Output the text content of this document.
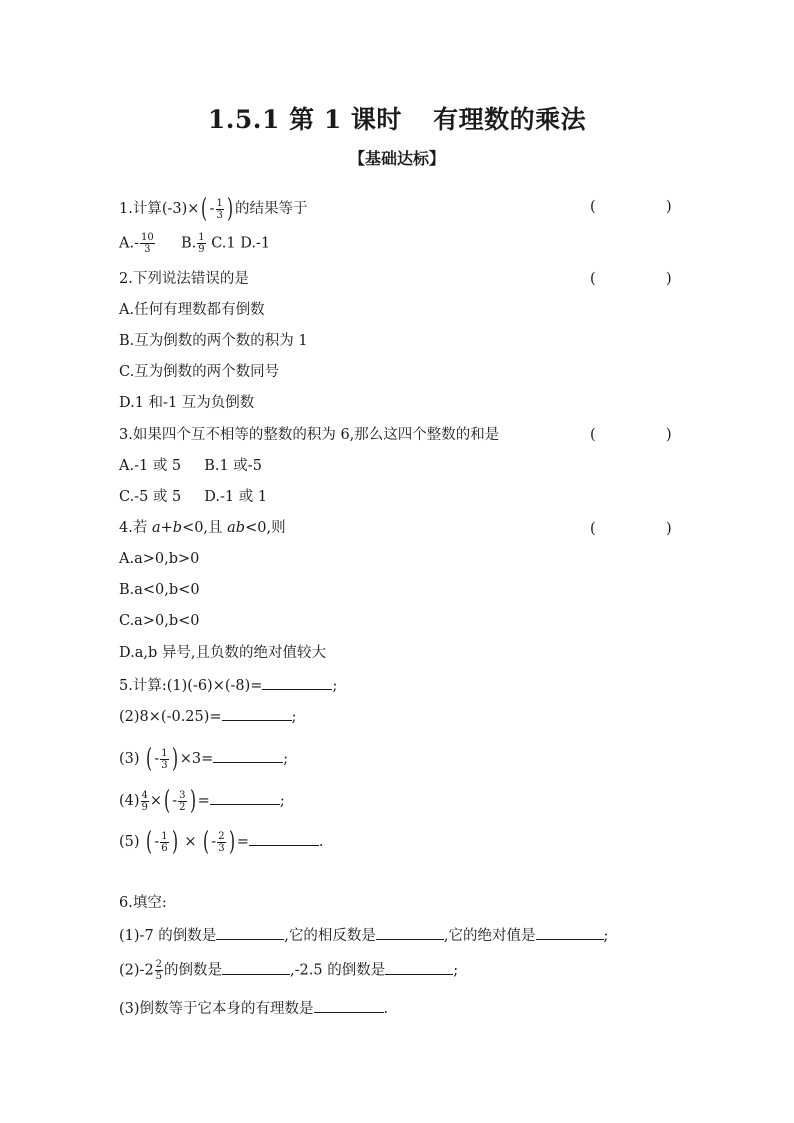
1.5.1 第 1 课时 有理数的乘法
【基础达标】
1.计算(-3)× ( - $\frac{1}{3}$ ) 的结果等于	(	)
$A.- \frac{10}{3} B$. $\frac{1}{9} C.1$ D.-1
2.下列说法错误的是	(	)
A.任何有理数都有倒数
B.互为倒数的两个数的积为 1
C.互为倒数的两个数同号
D.1 和-1 互为负倒数
3.如果四个互不相等的整数的积为 6,那么这四个整数的和是	(	)
A.-1 或 5     B.1 或-5
C.-5 或 5     D.-1 或 1
4.若 a+b<0,且 ab<0,则	(	)
A.a>0,b>0
B.a<0,b<0
C.a>0,b<0
D.a,b 异号,且负数的绝对值较大
5.计算:(1)(-6)×(-8)=	;
(2)8×(-0.25)=	;
(3) ( - $\frac{1}{3}$ ) ×3=	;
$(4) \frac{4}{9}$ × ( - $\frac{3}{2}$ ) =	;
(5) ( - $\frac{1}{6}$ ) × ( - $\frac{2}{3}$ ) =	.
6.填空:
(1)-7 的倒数是	,它的相反数是	,它的绝对值是	;
$(2)-2 \frac{2}{5}$ 的倒数是	,-2.5 的倒数是	;
(3)倒数等于它本身的有理数是	.
